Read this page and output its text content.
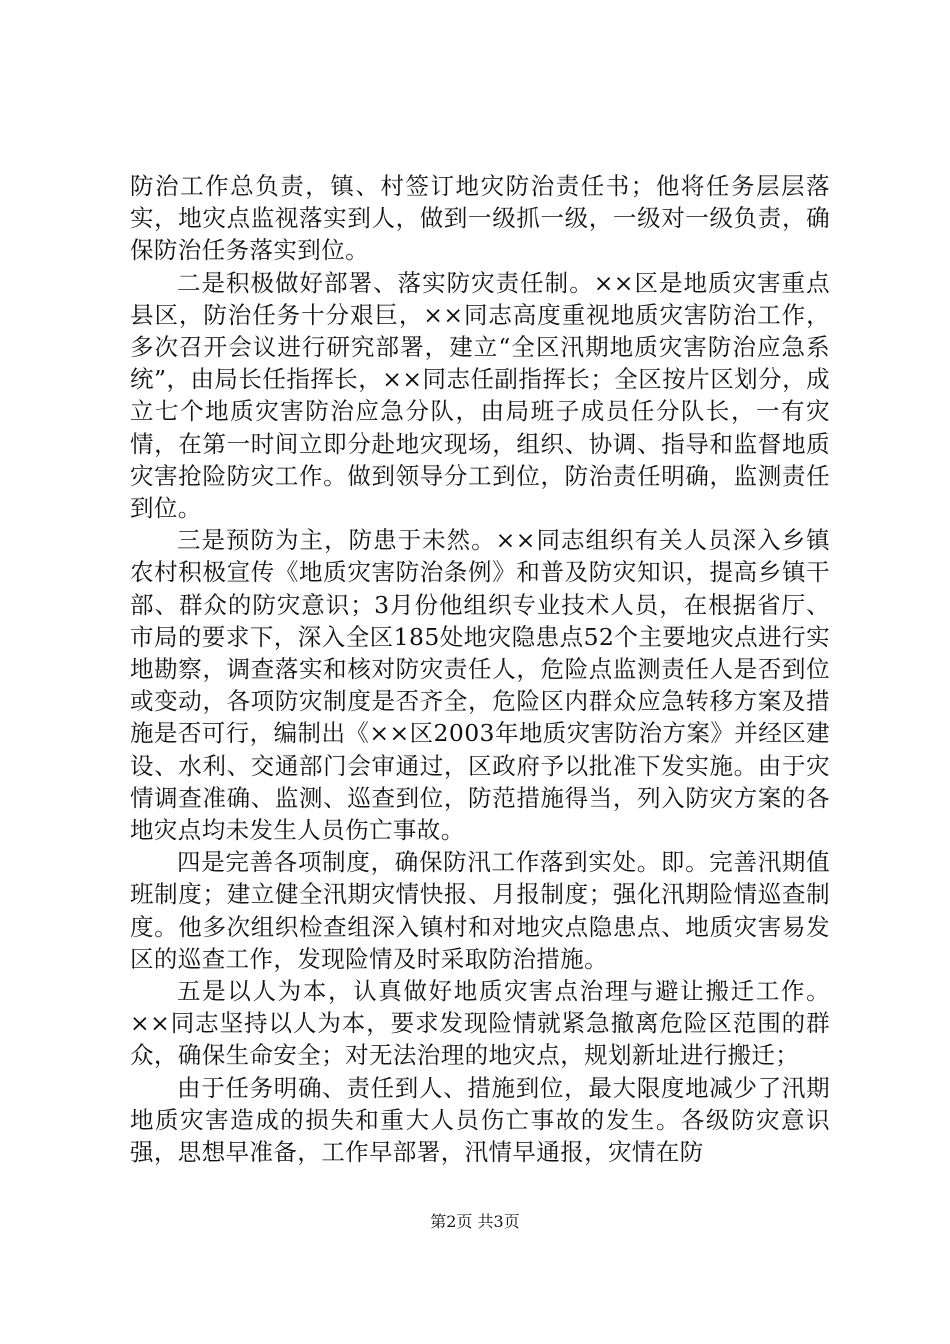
防治工作总负责，镇、村签订地灾防治责任书；他将任务层层落实，地灾点监视落实到人，做到一级抓一级，一级对一级负责，确保防治任务落实到位。

二是积极做好部署、落实防灾责任制。××区是地质灾害重点县区，防治任务十分艰巨，××同志高度重视地质灾害防治工作，多次召开会议进行研究部署，建立“全区汛期地质灾害防治应急系统”，由局长任指挥长，××同志任副指挥长；全区按片区划分，成立七个地质灾害防治应急分队，由局班子成员任分队长，一有灾情，在第一时间立即分赴地灾现场，组织、协调、指导和监督地质灾害抢险防灾工作。做到领导分工到位，防治责任明确，监测责任到位。

三是预防为主，防患于未然。××同志组织有关人员深入乡镇农村积极宣传《地质灾害防治条例》和普及防灾知识，提高乡镇干部、群众的防灾意识；3月份他组织专业技术人员，在根据省厅、市局的要求下，深入全区185处地灾隐患点52个主要地灾点进行实地勘察，调查落实和核对防灾责任人，危险点监测责任人是否到位或变动，各项防灾制度是否齐全，危险区内群众应急转移方案及措施是否可行，编制出《××区2003年地质灾害防治方案》并经区建设、水利、交通部门会审通过，区政府予以批准下发实施。由于灾情调查准确、监测、巡查到位，防范措施得当，列入防灾方案的各地灾点均未发生人员伤亡事故。

四是完善各项制度，确保防汛工作落到实处。即。完善汛期值班制度；建立健全汛期灾情快报、月报制度；强化汛期险情巡查制度。他多次组织检查组深入镇村和对地灾点隐患点、地质灾害易发区的巡查工作，发现险情及时采取防治措施。

五是以人为本，认真做好地质灾害点治理与避让搬迁工作。××同志坚持以人为本，要求发现险情就紧急撤离危险区范围的群众，确保生命安全；对无法治理的地灾点，规划新址进行搬迁；

由于任务明确、责任到人、措施到位，最大限度地减少了汛期地质灾害造成的损失和重大人员伤亡事故的发生。各级防灾意识强，思想早准备，工作早部署，汛情早通报，灾情在防

第2页 共3页
